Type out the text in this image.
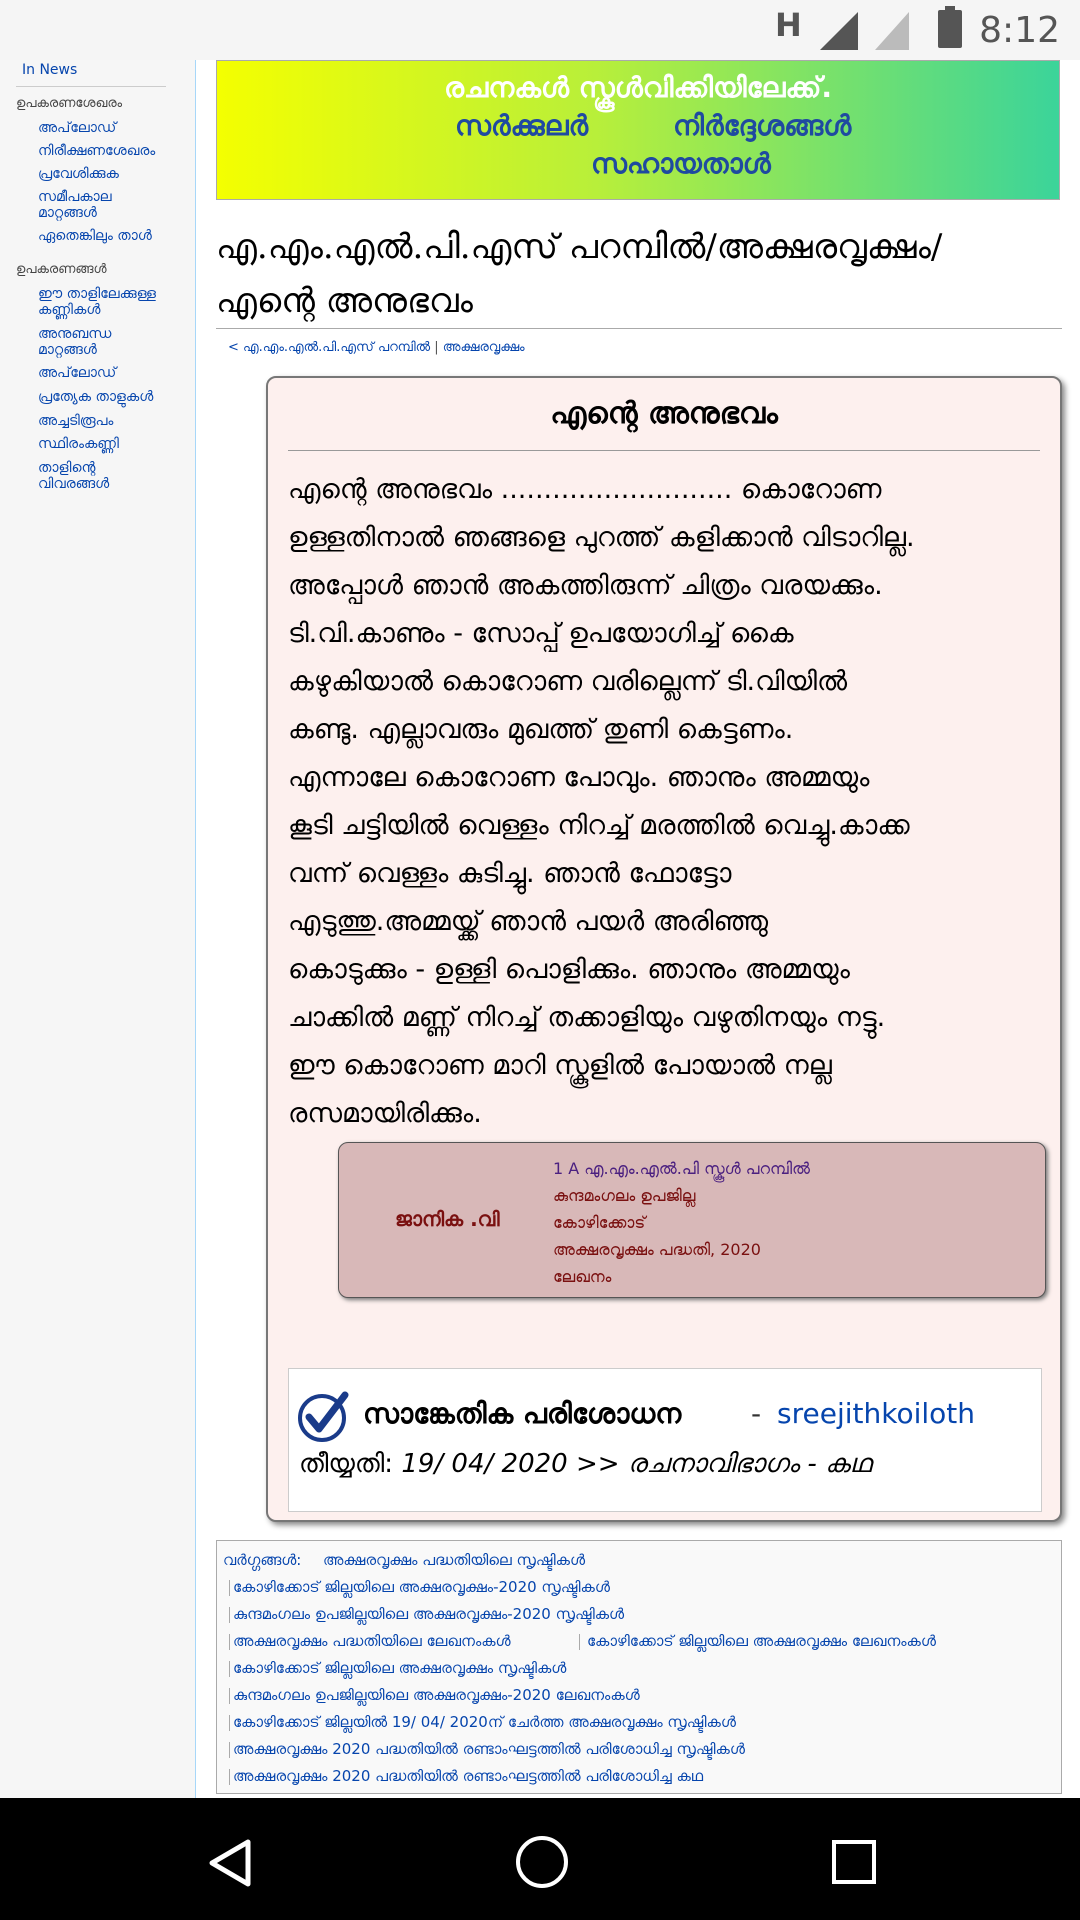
H	8:12
In News
ഉപകരണശേഖരം
അപ്‌ലോഡ്
നിരീക്ഷണശേഖരം
പ്രവേശിക്കുക
സമീപകാല
മാറ്റങ്ങൾ
ഏതെങ്കിലും താൾ
ഉപകരണങ്ങൾ
ഈ താളിലേക്കുള്ള
കണ്ണികൾ
അനുബന്ധ
മാറ്റങ്ങൾ
അപ്‌ലോഡ്
പ്രത്യേക താളുകൾ
അച്ചടിരൂപം
സ്ഥിരംകണ്ണി
താളിന്റെ
വിവരങ്ങൾ
രചനകൾ സ്കൂൾവിക്കിയിലേക്ക്.
സർക്കുലർ	നിർദ്ദേശങ്ങൾ
സഹായതാൾ
എ.എം.എൽ.പി.എസ് പറമ്പിൽ/അക്ഷരവൃക്ഷം/
എന്റെ അനുഭവം
< എ.എം.എൽ.പി.എസ് പറമ്പിൽ | അക്ഷരവൃക്ഷം
എന്റെ അനുഭവം
എന്റെ അനുഭവം ........................... കൊറോണ
ഉള്ളതിനാൽ ഞങ്ങളെ പുറത്ത് കളിക്കാൻ വിടാറില്ല.
അപ്പോൾ ഞാൻ അകത്തിരുന്ന് ചിത്രം വരയക്കും.
ടി.വി.കാണും - സോപ്പ് ഉപയോഗിച്ച് കൈ
കഴുകിയാൽ കൊറോണ വരില്ലെന്ന് ടി.വിയിൽ
കണ്ടു. എല്ലാവരും മുഖത്ത് തുണി കെട്ടണം.
എന്നാലേ കൊറോണ പോവും. ഞാനും അമ്മയും
കൂടി ചട്ടിയിൽ വെള്ളം നിറച്ച് മരത്തിൽ വെച്ചു.കാക്ക
വന്ന് വെള്ളം കുടിച്ചു. ഞാൻ ഫോട്ടോ
എടുത്തു.അമ്മയ്ക്ക് ഞാൻ പയർ അരിഞ്ഞു
കൊടുക്കും - ഉള്ളി പൊളിക്കും. ഞാനും അമ്മയും
ചാക്കിൽ മണ്ണ് നിറച്ച് തക്കാളിയും വഴുതിനയും നട്ടു.
ഈ കൊറോണ മാറി സ്കൂളിൽ പോയാൽ നല്ല
രസമായിരിക്കും.
ജാനിക .വി
1 A എ.എം.എൽ.പി സ്കൂൾ പറമ്പിൽ
കുന്ദമംഗലം ഉപജില്ല
കോഴിക്കോട്
അക്ഷരവൃക്ഷം പദ്ധതി, 2020
ലേഖനം
സാങ്കേതിക പരിശോധന - sreejithkoiloth
തീയ്യതി: 19/ 04/ 2020 >> രചനാവിഭാഗം - കഥ
വർഗ്ഗങ്ങൾ: അക്ഷരവൃക്ഷം പദ്ധതിയിലെ സൃഷ്ടികൾ
കോഴിക്കോട് ജില്ലയിലെ അക്ഷരവൃക്ഷം-2020 സൃഷ്ടികൾ
കുന്ദമംഗലം ഉപജില്ലയിലെ അക്ഷരവൃക്ഷം-2020 സൃഷ്ടികൾ
അക്ഷരവൃക്ഷം പദ്ധതിയിലെ ലേഖനംകൾ	കോഴിക്കോട് ജില്ലയിലെ അക്ഷരവൃക്ഷം ലേഖനംകൾ
കോഴിക്കോട് ജില്ലയിലെ അക്ഷരവൃക്ഷം സൃഷ്ടികൾ
കുന്ദമംഗലം ഉപജില്ലയിലെ അക്ഷരവൃക്ഷം-2020 ലേഖനംകൾ
കോഴിക്കോട് ജില്ലയിൽ 19/ 04/ 2020ന് ചേർത്ത അക്ഷരവൃക്ഷം സൃഷ്ടികൾ
അക്ഷരവൃക്ഷം 2020 പദ്ധതിയിൽ രണ്ടാംഘട്ടത്തിൽ പരിശോധിച്ച സൃഷ്ടികൾ
അക്ഷരവൃക്ഷം 2020 പദ്ധതിയിൽ രണ്ടാംഘട്ടത്തിൽ പരിശോധിച്ച കഥ
